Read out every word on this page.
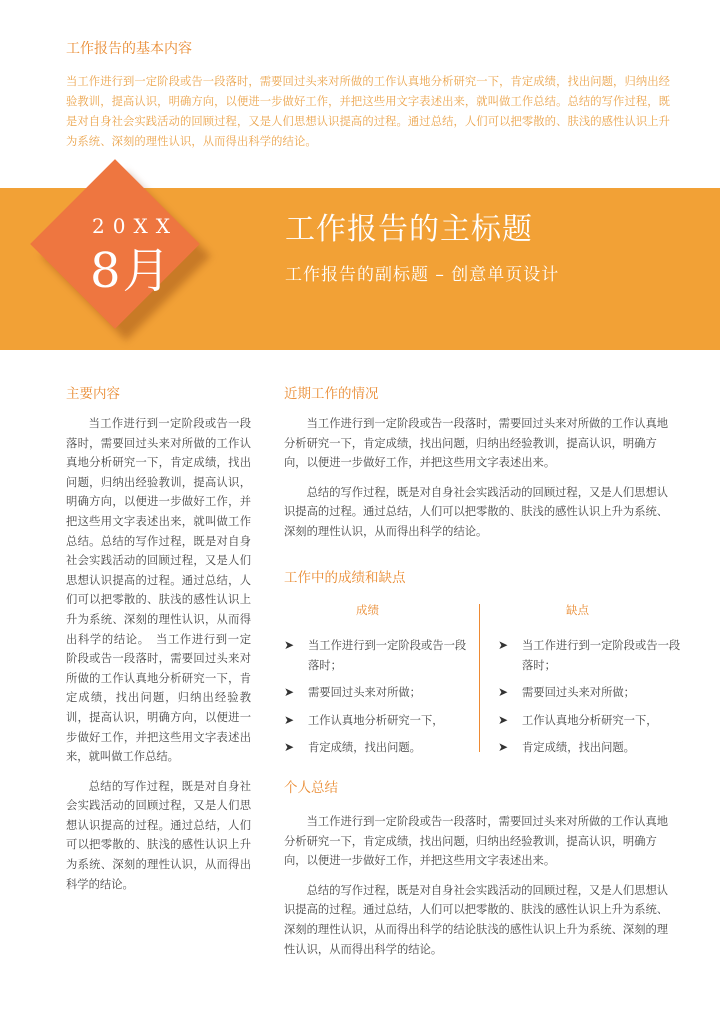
工作报告的基本内容
当工作进行到一定阶段或告一段落时，需要回过头来对所做的工作认真地分析研究一下，肯定成绩，找出问题，归纳出经验教训，提高认识，明确方向，以便进一步做好工作，并把这些用文字表述出来，就叫做工作总结。总结的写作过程，既是对自身社会实践活动的回顾过程，又是人们思想认识提高的过程。通过总结，人们可以把零散的、肤浅的感性认识上升为系统、深刻的理性认识，从而得出科学的结论。
20XX
8月
工作报告的主标题
工作报告的副标题 – 创意单页设计
主要内容

当工作进行到一定阶段或告一段落时，需要回过头来对所做的工作认真地分析研究一下，肯定成绩，找出问题，归纳出经验教训，提高认识，明确方向，以便进一步做好工作，并把这些用文字表述出来，就叫做工作总结。总结的写作过程，既是对自身社会实践活动的回顾过程，又是人们思想认识提高的过程。通过总结，人们可以把零散的、肤浅的感性认识上升为系统、深刻的理性认识，从而得出科学的结论。　当工作进行到一定阶段或告一段落时，需要回过头来对所做的工作认真地分析研究一下，肯定成绩，找出问题，归纳出经验教训，提高认识，明确方向，以便进一步做好工作，并把这些用文字表述出来，就叫做工作总结。

总结的写作过程，既是对自身社会实践活动的回顾过程，又是人们思想认识提高的过程。通过总结，人们可以把零散的、肤浅的感性认识上升为系统、深刻的理性认识，从而得出科学的结论。

近期工作的情况

当工作进行到一定阶段或告一段落时，需要回过头来对所做的工作认真地分析研究一下，肯定成绩，找出问题，归纳出经验教训，提高认识，明确方向，以便进一步做好工作，并把这些用文字表述出来。

总结的写作过程，既是对自身社会实践活动的回顾过程，又是人们思想认识提高的过程。通过总结，人们可以把零散的、肤浅的感性认识上升为系统、深刻的理性认识，从而得出科学的结论。

工作中的成绩和缺点
成绩	缺点
➤ 当工作进行到一定阶段或告一段落时；
➤ 需要回过头来对所做；
➤ 工作认真地分析研究一下，
➤ 肯定成绩，找出问题。
➤ 当工作进行到一定阶段或告一段落时；
➤ 需要回过头来对所做；
➤ 工作认真地分析研究一下，
➤ 肯定成绩，找出问题。
个人总结

当工作进行到一定阶段或告一段落时，需要回过头来对所做的工作认真地分析研究一下，肯定成绩，找出问题，归纳出经验教训，提高认识，明确方向，以便进一步做好工作，并把这些用文字表述出来。

总结的写作过程，既是对自身社会实践活动的回顾过程，又是人们思想认识提高的过程。通过总结，人们可以把零散的、肤浅的感性认识上升为系统、深刻的理性认识，从而得出科学的结论肤浅的感性认识上升为系统、深刻的理性认识，从而得出科学的结论。
